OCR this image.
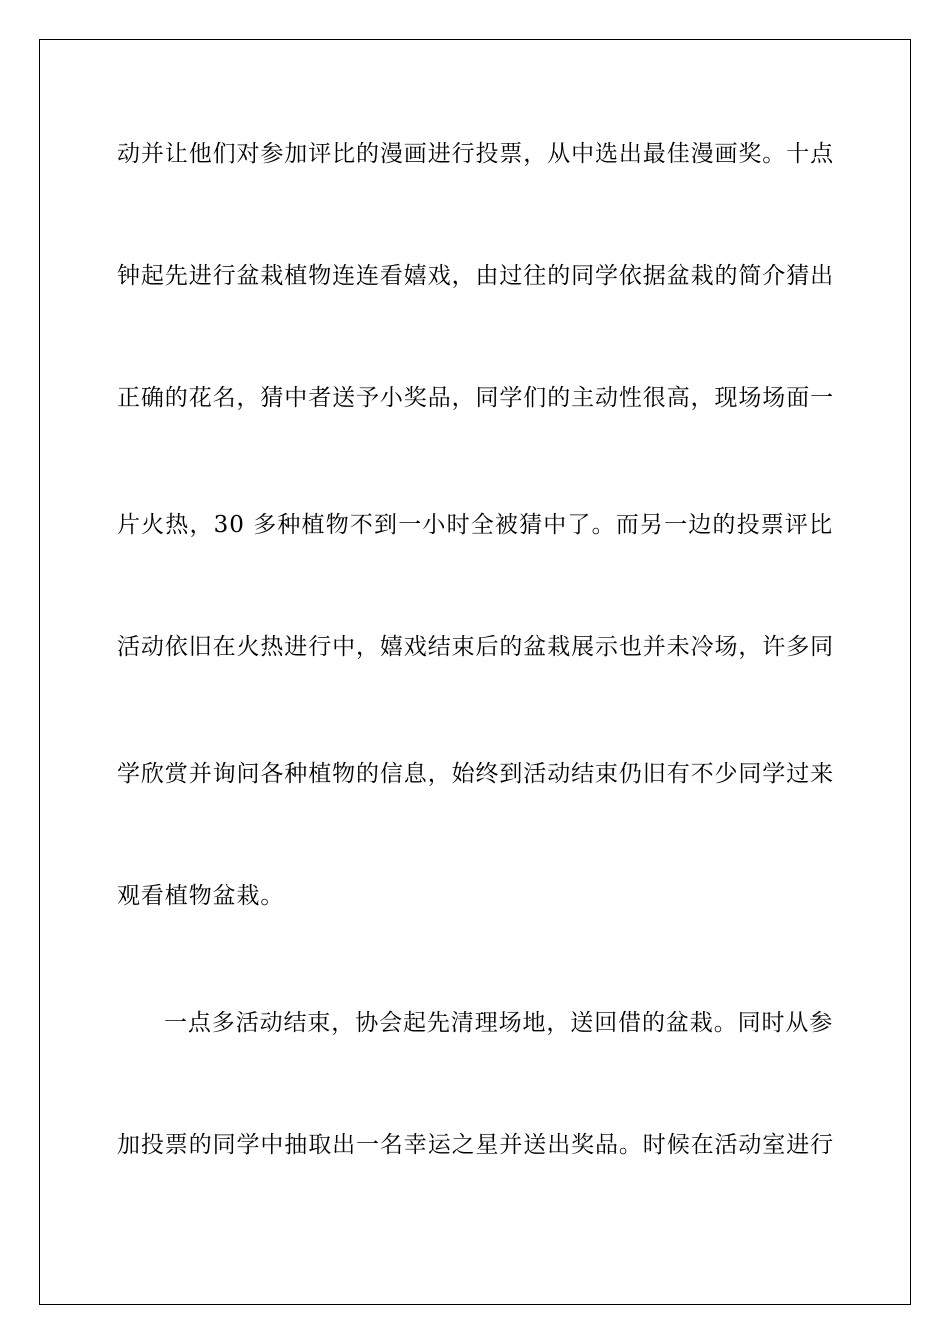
动并让他们对参加评比的漫画进行投票，从中选出最佳漫画奖。十点
钟起先进行盆栽植物连连看嬉戏，由过往的同学依据盆栽的简介猜出
正确的花名，猜中者送予小奖品，同学们的主动性很高，现场场面一
片火热，30 多种植物不到一小时全被猜中了。而另一边的投票评比
活动依旧在火热进行中，嬉戏结束后的盆栽展示也并未冷场，许多同
学欣赏并询问各种植物的信息，始终到活动结束仍旧有不少同学过来
观看植物盆栽。
一点多活动结束，协会起先清理场地，送回借的盆栽。同时从参
加投票的同学中抽取出一名幸运之星并送出奖品。时候在活动室进行
